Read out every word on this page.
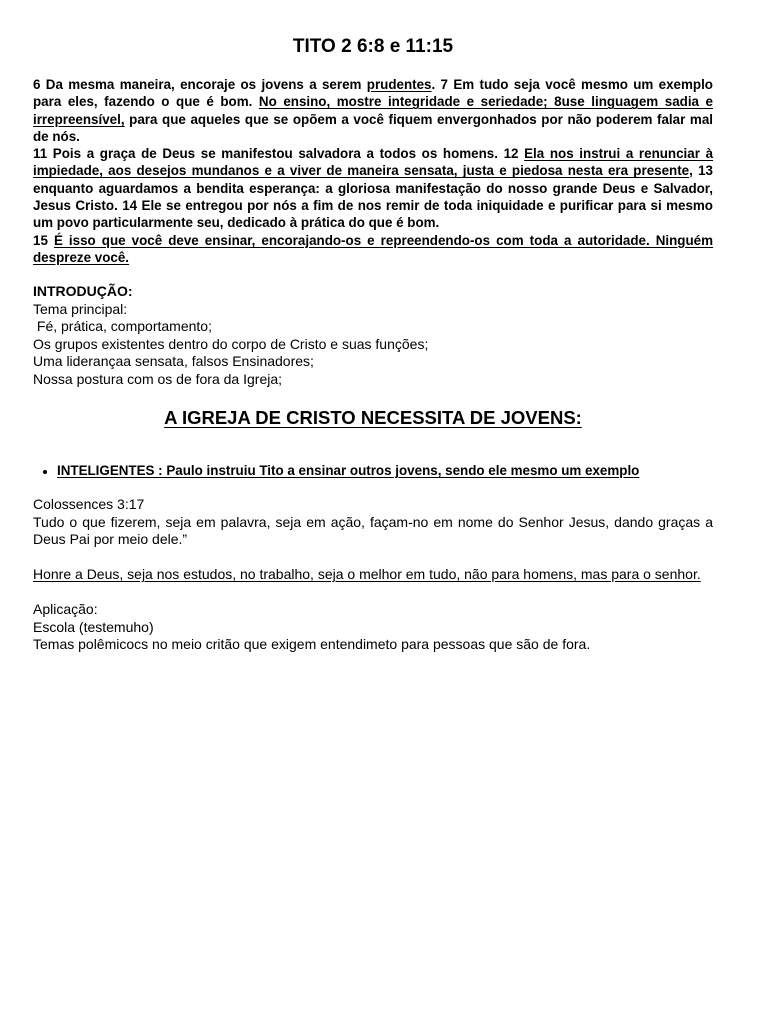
TITO 2 6:8 e 11:15

6 Da mesma maneira, encoraje os jovens a serem prudentes. 7 Em tudo seja você mesmo um exemplo para eles, fazendo o que é bom. No ensino, mostre integridade e seriedade; 8use linguagem sadia e irrepreensível, para que aqueles que se opõem a você fiquem envergonhados por não poderem falar mal de nós.

11 Pois a graça de Deus se manifestou salvadora a todos os homens. 12 Ela nos instrui a renunciar à impiedade, aos desejos mundanos e a viver de maneira sensata, justa e piedosa nesta era presente, 13 enquanto aguardamos a bendita esperança: a gloriosa manifestação do nosso grande Deus e Salvador, Jesus Cristo. 14 Ele se entregou por nós a fim de nos remir de toda iniquidade e purificar para si mesmo um povo particularmente seu, dedicado à prática do que é bom.

15 É isso que você deve ensinar, encorajando-os e repreendendo-os com toda a autoridade. Ninguém despreze você.

INTRODUÇÃO:
Tema principal:
Fé, prática, comportamento;
Os grupos existentes dentro do corpo de Cristo e suas funções;
Uma liderançaa sensata, falsos Ensinadores;
Nossa postura com os de fora da Igreja;
A IGREJA DE CRISTO NECESSITA DE JOVENS:
• INTELIGENTES : Paulo instruiu Tito a ensinar outros jovens, sendo ele mesmo um exemplo

Colossences 3:17

Tudo o que fizerem, seja em palavra, seja em ação, façam-no em nome do Senhor Jesus, dando graças a Deus Pai por meio dele.”

Honre a Deus, seja nos estudos, no trabalho, seja o melhor em tudo, não para homens, mas para o senhor.

Aplicação:

Escola (testemuho)

Temas polêmicocs no meio critão que exigem entendimeto para pessoas que são de fora.
